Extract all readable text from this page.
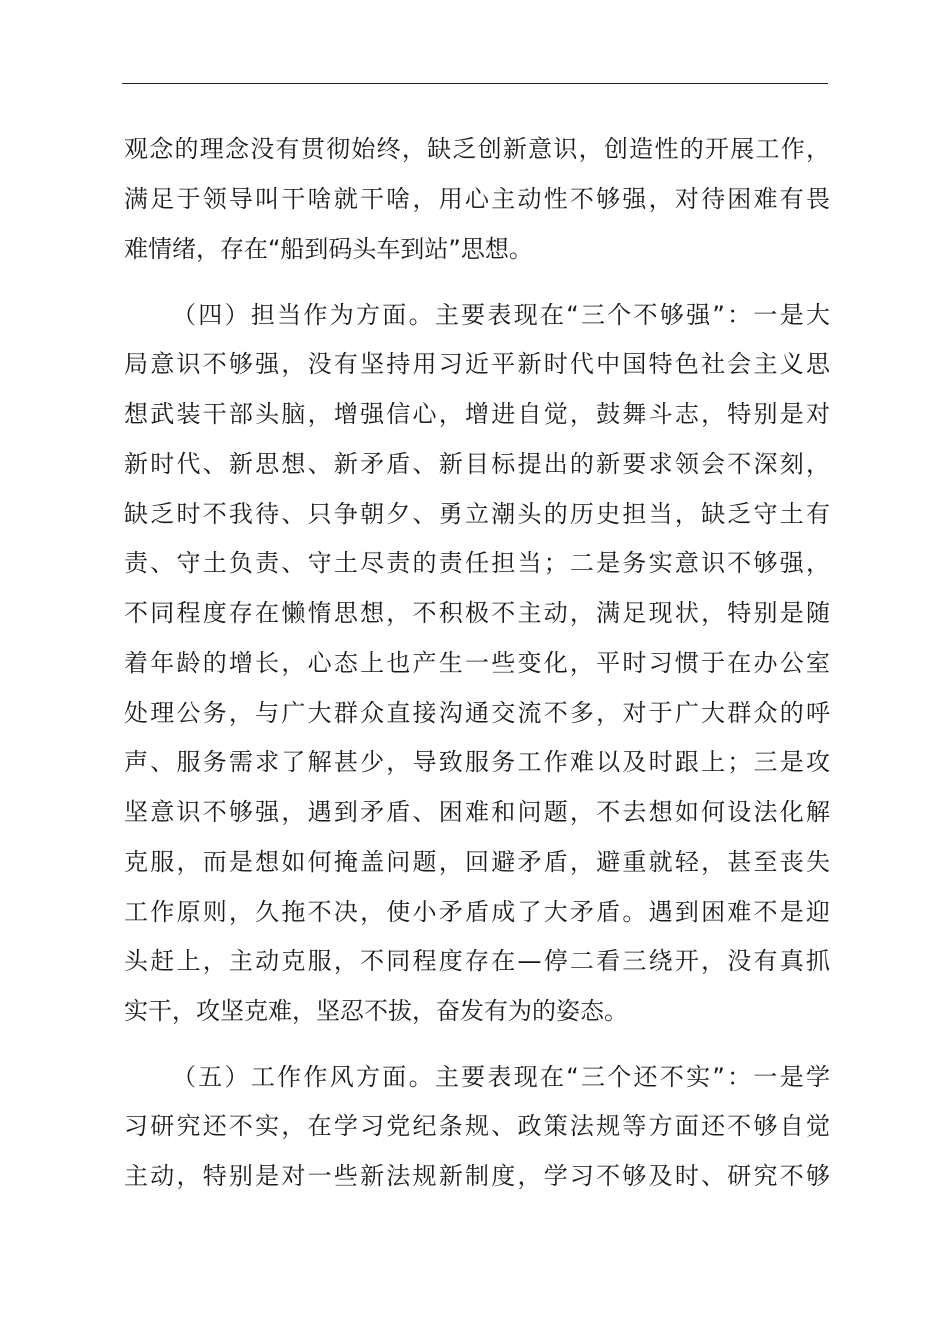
观念的理念没有贯彻始终，缺乏创新意识，创造性的开展工作，
满足于领导叫干啥就干啥，用心主动性不够强，对待困难有畏
难情绪，存在“船到码头车到站”思想。
（四）担当作为方面。主要表现在“三个不够强”：一是大
局意识不够强，没有坚持用习近平新时代中国特色社会主义思
想武装干部头脑，增强信心，增进自觉，鼓舞斗志，特别是对
新时代、新思想、新矛盾、新目标提出的新要求领会不深刻，
缺乏时不我待、只争朝夕、勇立潮头的历史担当，缺乏守土有
责、守土负责、守土尽责的责任担当；二是务实意识不够强，
不同程度存在懒惰思想，不积极不主动，满足现状，特别是随
着年龄的增长，心态上也产生一些变化，平时习惯于在办公室
处理公务，与广大群众直接沟通交流不多，对于广大群众的呼
声、服务需求了解甚少，导致服务工作难以及时跟上；三是攻
坚意识不够强，遇到矛盾、困难和问题，不去想如何设法化解
克服，而是想如何掩盖问题，回避矛盾，避重就轻，甚至丧失
工作原则，久拖不决，使小矛盾成了大矛盾。遇到困难不是迎
头赶上，主动克服，不同程度存在—停二看三绕开，没有真抓
实干，攻坚克难，坚忍不拔，奋发有为的姿态。
（五）工作作风方面。主要表现在“三个还不实”：一是学
习研究还不实，在学习党纪条规、政策法规等方面还不够自觉
主动，特别是对一些新法规新制度，学习不够及时、研究不够
